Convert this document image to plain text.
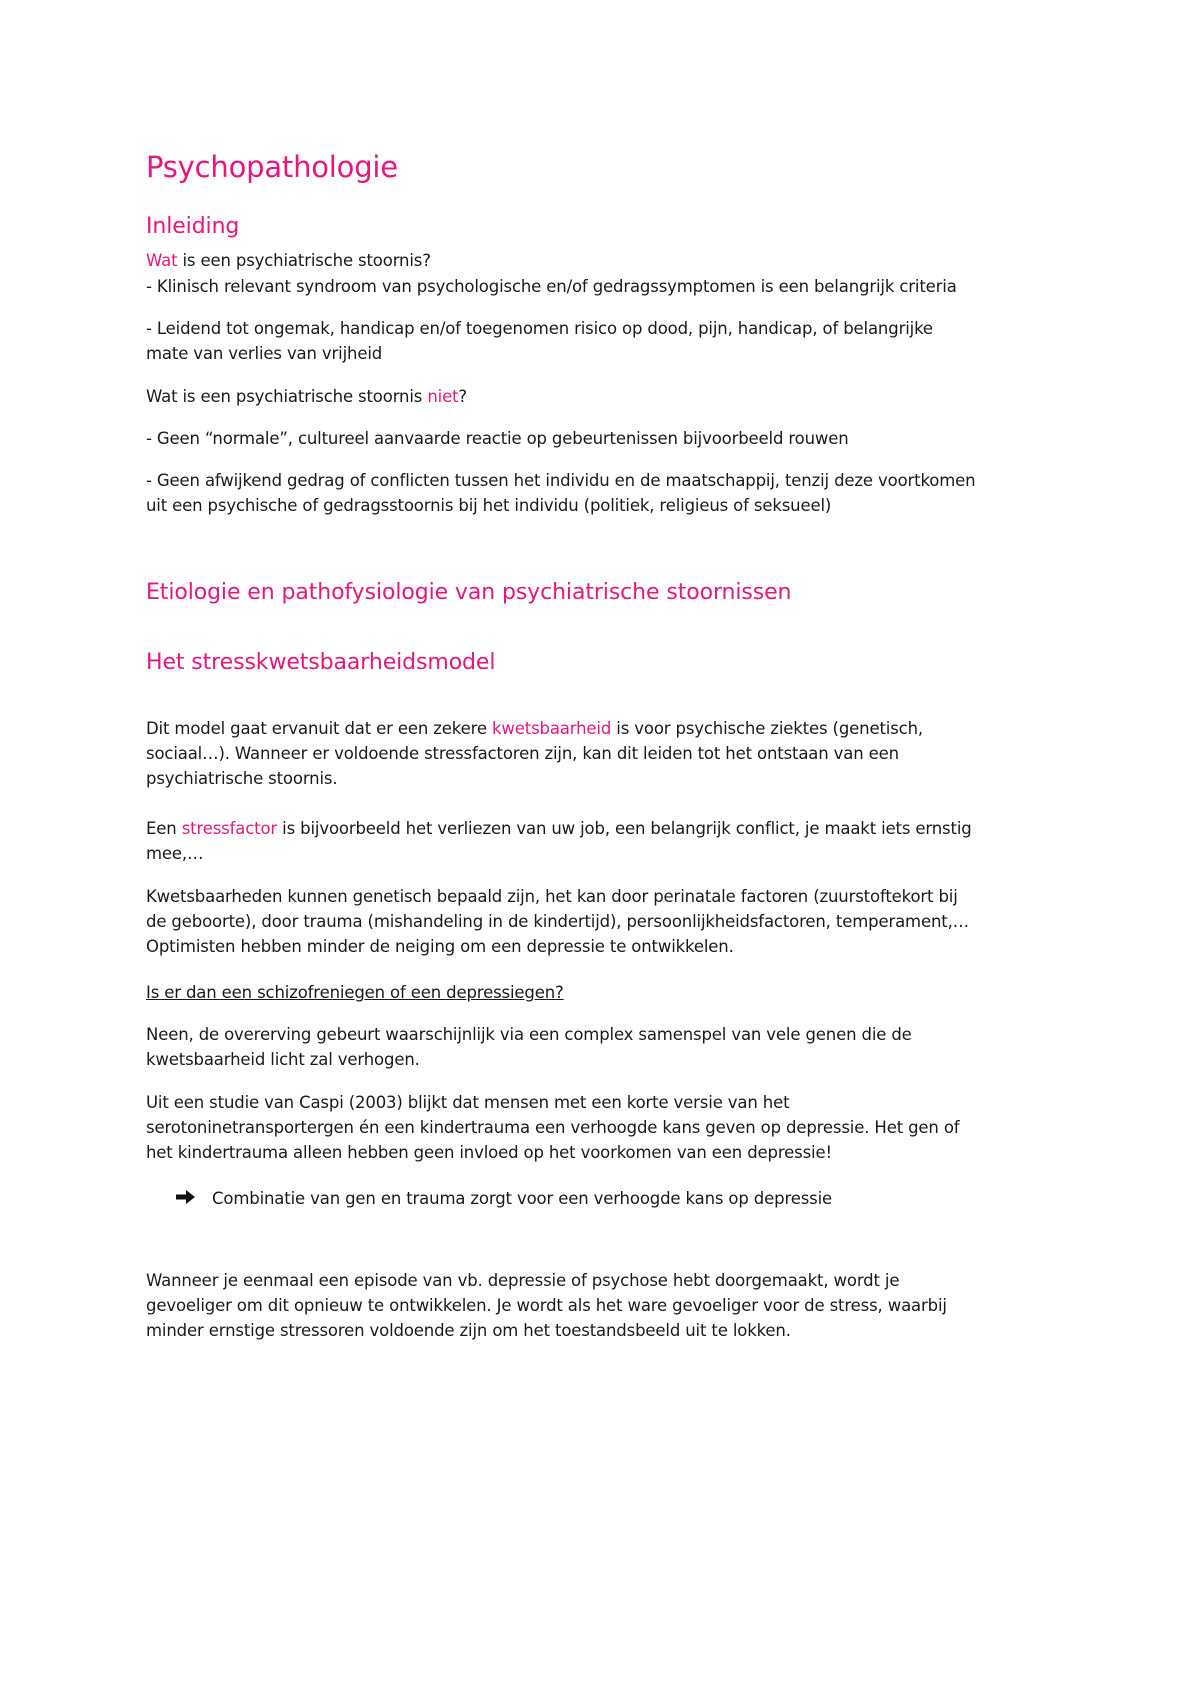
Psychopathologie
Inleiding

Wat is een psychiatrische stoornis?

- Klinisch relevant syndroom van psychologische en/of gedragssymptomen is een belangrijk criteria

- Leidend tot ongemak, handicap en/of toegenomen risico op dood, pijn, handicap, of belangrijke
mate van verlies van vrijheid

Wat is een psychiatrische stoornis niet?

- Geen “normale”, cultureel aanvaarde reactie op gebeurtenissen bijvoorbeeld rouwen

- Geen afwijkend gedrag of conflicten tussen het individu en de maatschappij, tenzij deze voortkomen
uit een psychische of gedragsstoornis bij het individu (politiek, religieus of seksueel)

Etiologie en pathofysiologie van psychiatrische stoornissen
Het stresskwetsbaarheidsmodel

Dit model gaat ervanuit dat er een zekere kwetsbaarheid is voor psychische ziektes (genetisch,
sociaal…). Wanneer er voldoende stressfactoren zijn, kan dit leiden tot het ontstaan van een
psychiatrische stoornis.

Een stressfactor is bijvoorbeeld het verliezen van uw job, een belangrijk conflict, je maakt iets ernstig
mee,…

Kwetsbaarheden kunnen genetisch bepaald zijn, het kan door perinatale factoren (zuurstoftekort bij
de geboorte), door trauma (mishandeling in de kindertijd), persoonlijkheidsfactoren, temperament,…
Optimisten hebben minder de neiging om een depressie te ontwikkelen.

Is er dan een schizofreniegen of een depressiegen?

Neen, de overerving gebeurt waarschijnlijk via een complex samenspel van vele genen die de
kwetsbaarheid licht zal verhogen.

Uit een studie van Caspi (2003) blijkt dat mensen met een korte versie van het
serotoninetransportergen én een kindertrauma een verhoogde kans geven op depressie. Het gen of
het kindertrauma alleen hebben geen invloed op het voorkomen van een depressie!

Combinatie van gen en trauma zorgt voor een verhoogde kans op depressie

Wanneer je eenmaal een episode van vb. depressie of psychose hebt doorgemaakt, wordt je
gevoeliger om dit opnieuw te ontwikkelen. Je wordt als het ware gevoeliger voor de stress, waarbij
minder ernstige stressoren voldoende zijn om het toestandsbeeld uit te lokken.
